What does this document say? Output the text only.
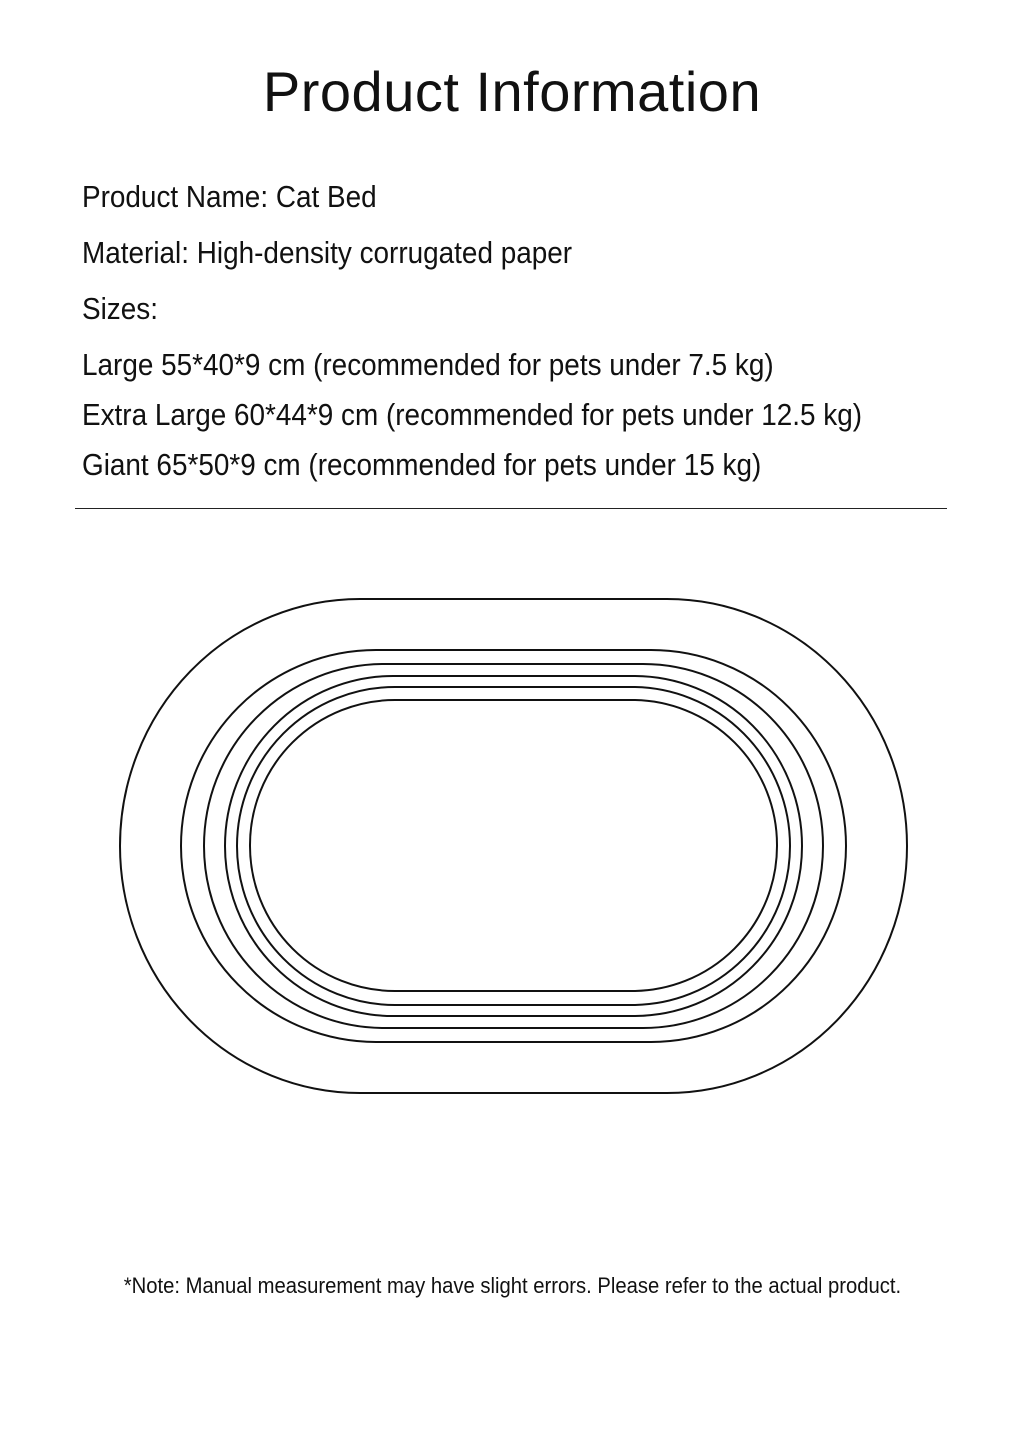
Product Information
Product Name: Cat Bed
Material: High-density corrugated paper
Sizes:
Large 55*40*9 cm (recommended for pets under 7.5 kg)
Extra Large 60*44*9 cm (recommended for pets under 12.5 kg)
Giant 65*50*9 cm (recommended for pets under 15 kg)
*Note: Manual measurement may have slight errors. Please refer to the actual product.
